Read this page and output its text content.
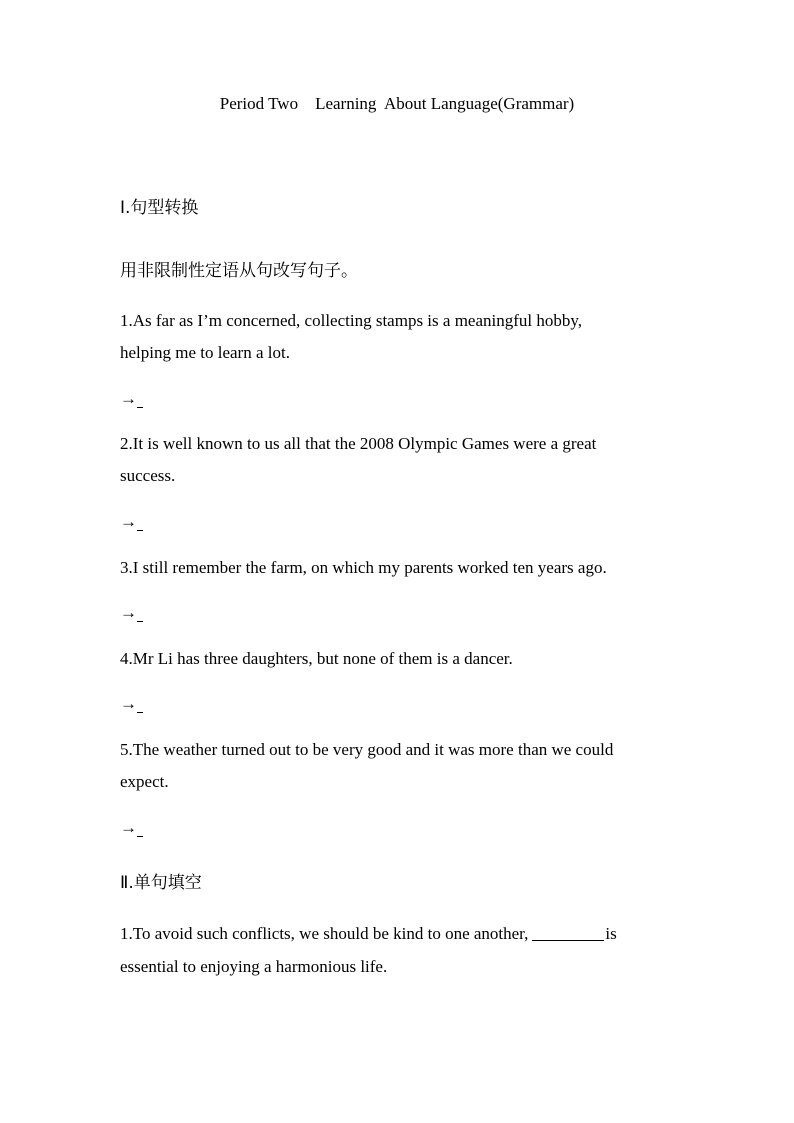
Period Two    Learning  About Language(Grammar)
Ⅰ.句型转换
用非限制性定语从句改写句子。
1.As far as I’m concerned, collecting stamps is a meaningful hobby,
helping me to learn a lot.
→
2.It is well known to us all that the 2008 Olympic Games were a great
success.
→
3.I still remember the farm, on which my parents worked ten years ago.
→
4.Mr Li has three daughters, but none of them is a dancer.
→
5.The weather turned out to be very good and it was more than we could
expect.
→
Ⅱ.单句填空
1.To avoid such conflicts, we should be kind to one another,	is
essential to enjoying a harmonious life.
